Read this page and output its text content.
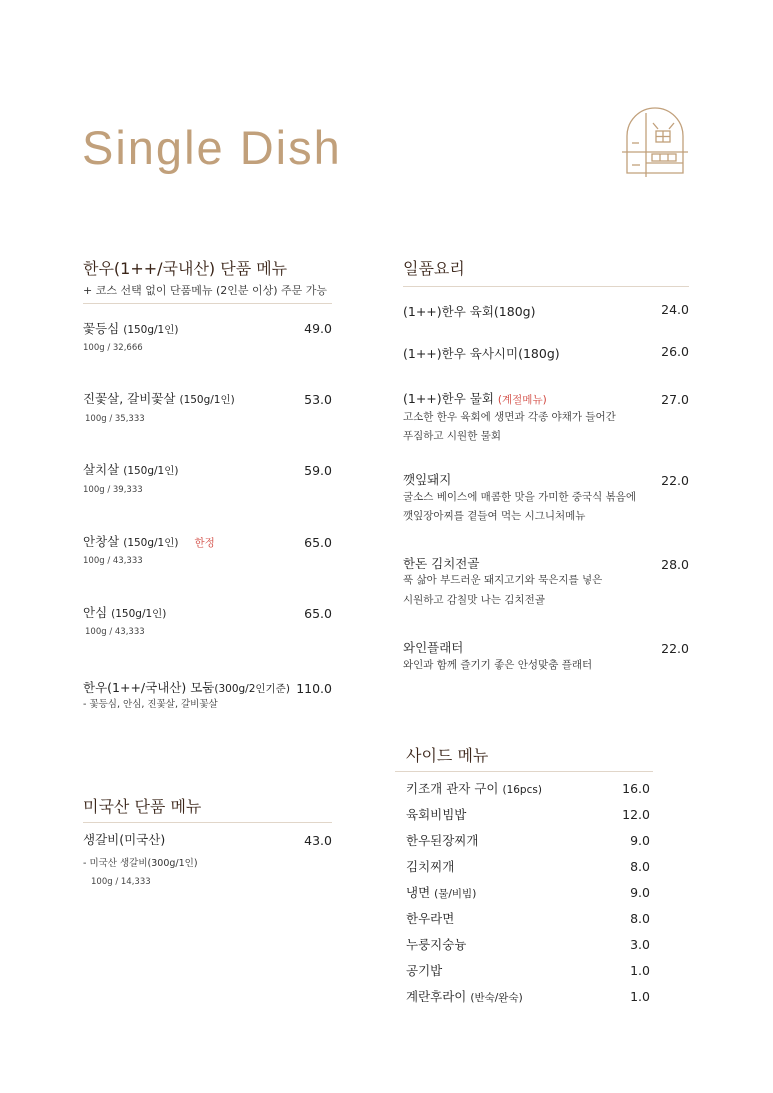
Single Dish
한우(1++/국내산) 단품 메뉴
+ 코스 선택 없이 단품메뉴 (2인분 이상) 주문 가능
꽃등심 (150g/1인)	49.0
100g / 32,666
진꽃살, 갈비꽃살 (150g/1인)	53.0
100g / 35,333
살치살 (150g/1인)	59.0
100g / 39,333
안창살 (150g/1인) 한정	65.0
100g / 43,333
안심 (150g/1인)	65.0
100g / 43,333
한우(1++/국내산) 모둠(300g/2인기준) 110.0
- 꽃등심, 안심, 진꽃살, 갈비꽃살
미국산 단품 메뉴
생갈비(미국산)	43.0
- 미국산 생갈비(300g/1인)
100g / 14,333
일품요리
(1++)한우 육회(180g)	24.0
(1++)한우 육사시미(180g)	26.0
(1++)한우 물회 (계절메뉴)	27.0
고소한 한우 육회에 생면과 각종 야채가 들어간
푸짐하고 시원한 물회
깻잎돼지	22.0
굴소스 베이스에 매콤한 맛을 가미한 중국식 볶음에
깻잎장아찌를 곁들여 먹는 시그니처메뉴
한돈 김치전골	28.0
푹 삶아 부드러운 돼지고기와 묵은지를 넣은
시원하고 감칠맛 나는 김치전골
와인플래터	22.0
와인과 함께 즐기기 좋은 안성맞춤 플래터
사이드 메뉴
키조개 관자 구이 (16pcs)	16.0
육회비빔밥	12.0
한우된장찌개	9.0
김치찌개	8.0
냉면 (물/비빔)	9.0
한우라면	8.0
누룽지숭늉	3.0
공기밥	1.0
계란후라이 (반숙/완숙)	1.0
